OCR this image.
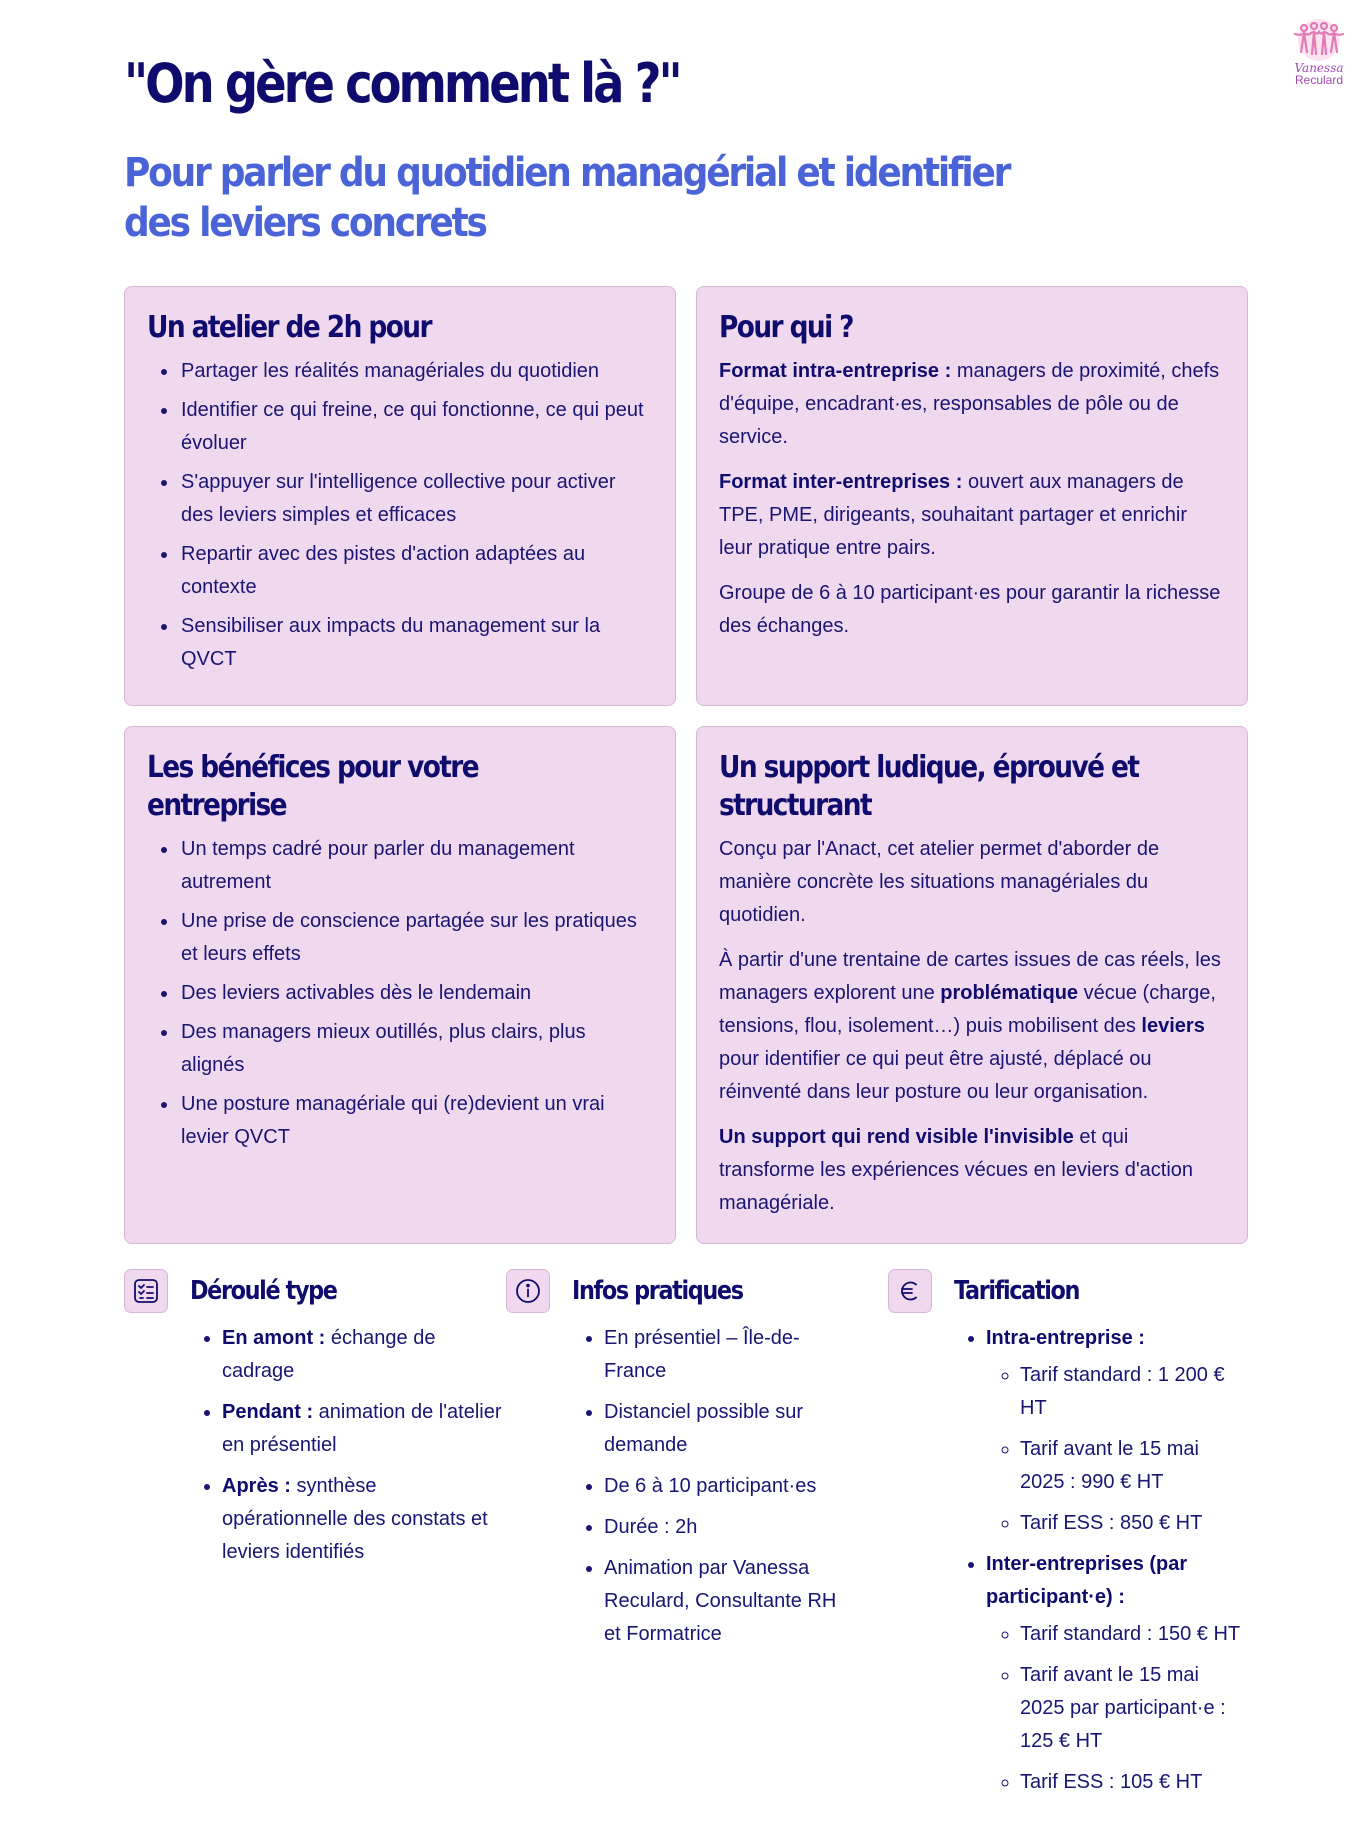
Vanessa
Reculard
"On gère comment là ?"
Pour parler du quotidien managérial et identifier des leviers concrets
Un atelier de 2h pour
• Partager les réalités managériales du quotidien
• Identifier ce qui freine, ce qui fonctionne, ce qui peut évoluer
• S'appuyer sur l'intelligence collective pour activer des leviers simples et efficaces
• Repartir avec des pistes d'action adaptées au contexte
• Sensibiliser aux impacts du management sur la QVCT
Pour qui ?

Format intra-entreprise : managers de proximité, chefs d'équipe, encadrant·es, responsables de pôle ou de service.

Format inter-entreprises : ouvert aux managers de TPE, PME, dirigeants, souhaitant partager et enrichir leur pratique entre pairs.

Groupe de 6 à 10 participant·es pour garantir la richesse des échanges.

Les bénéfices pour votre entreprise
• Un temps cadré pour parler du management autrement
• Une prise de conscience partagée sur les pratiques et leurs effets
• Des leviers activables dès le lendemain
• Des managers mieux outillés, plus clairs, plus alignés
• Une posture managériale qui (re)devient un vrai levier QVCT
Un support ludique, éprouvé et structurant

Conçu par l'Anact, cet atelier permet d'aborder de manière concrète les situations managériales du quotidien.

À partir d'une trentaine de cartes issues de cas réels, les managers explorent une problématique vécue (charge, tensions, flou, isolement…) puis mobilisent des leviers pour identifier ce qui peut être ajusté, déplacé ou réinventé dans leur posture ou leur organisation.

Un support qui rend visible l'invisible et qui transforme les expériences vécues en leviers d'action managériale.

Déroulé type
• En amont : échange de cadrage
• Pendant : animation de l'atelier en présentiel
• Après : synthèse opérationnelle des constats et leviers identifiés
Infos pratiques
• En présentiel – Île-de-France
• Distanciel possible sur demande
• De 6 à 10 participant·es
• Durée : 2h
• Animation par Vanessa Reculard, Consultante RH et Formatrice
Tarification
• Intra-entreprise :
◦ Tarif standard : 1 200 € HT
◦ Tarif avant le 15 mai 2025 : 990 € HT
◦ Tarif ESS : 850 € HT
• Inter-entreprises (par participant·e) :
◦ Tarif standard : 150 € HT
◦ Tarif avant le 15 mai 2025 par participant·e : 125 € HT
◦ Tarif ESS : 105 € HT
